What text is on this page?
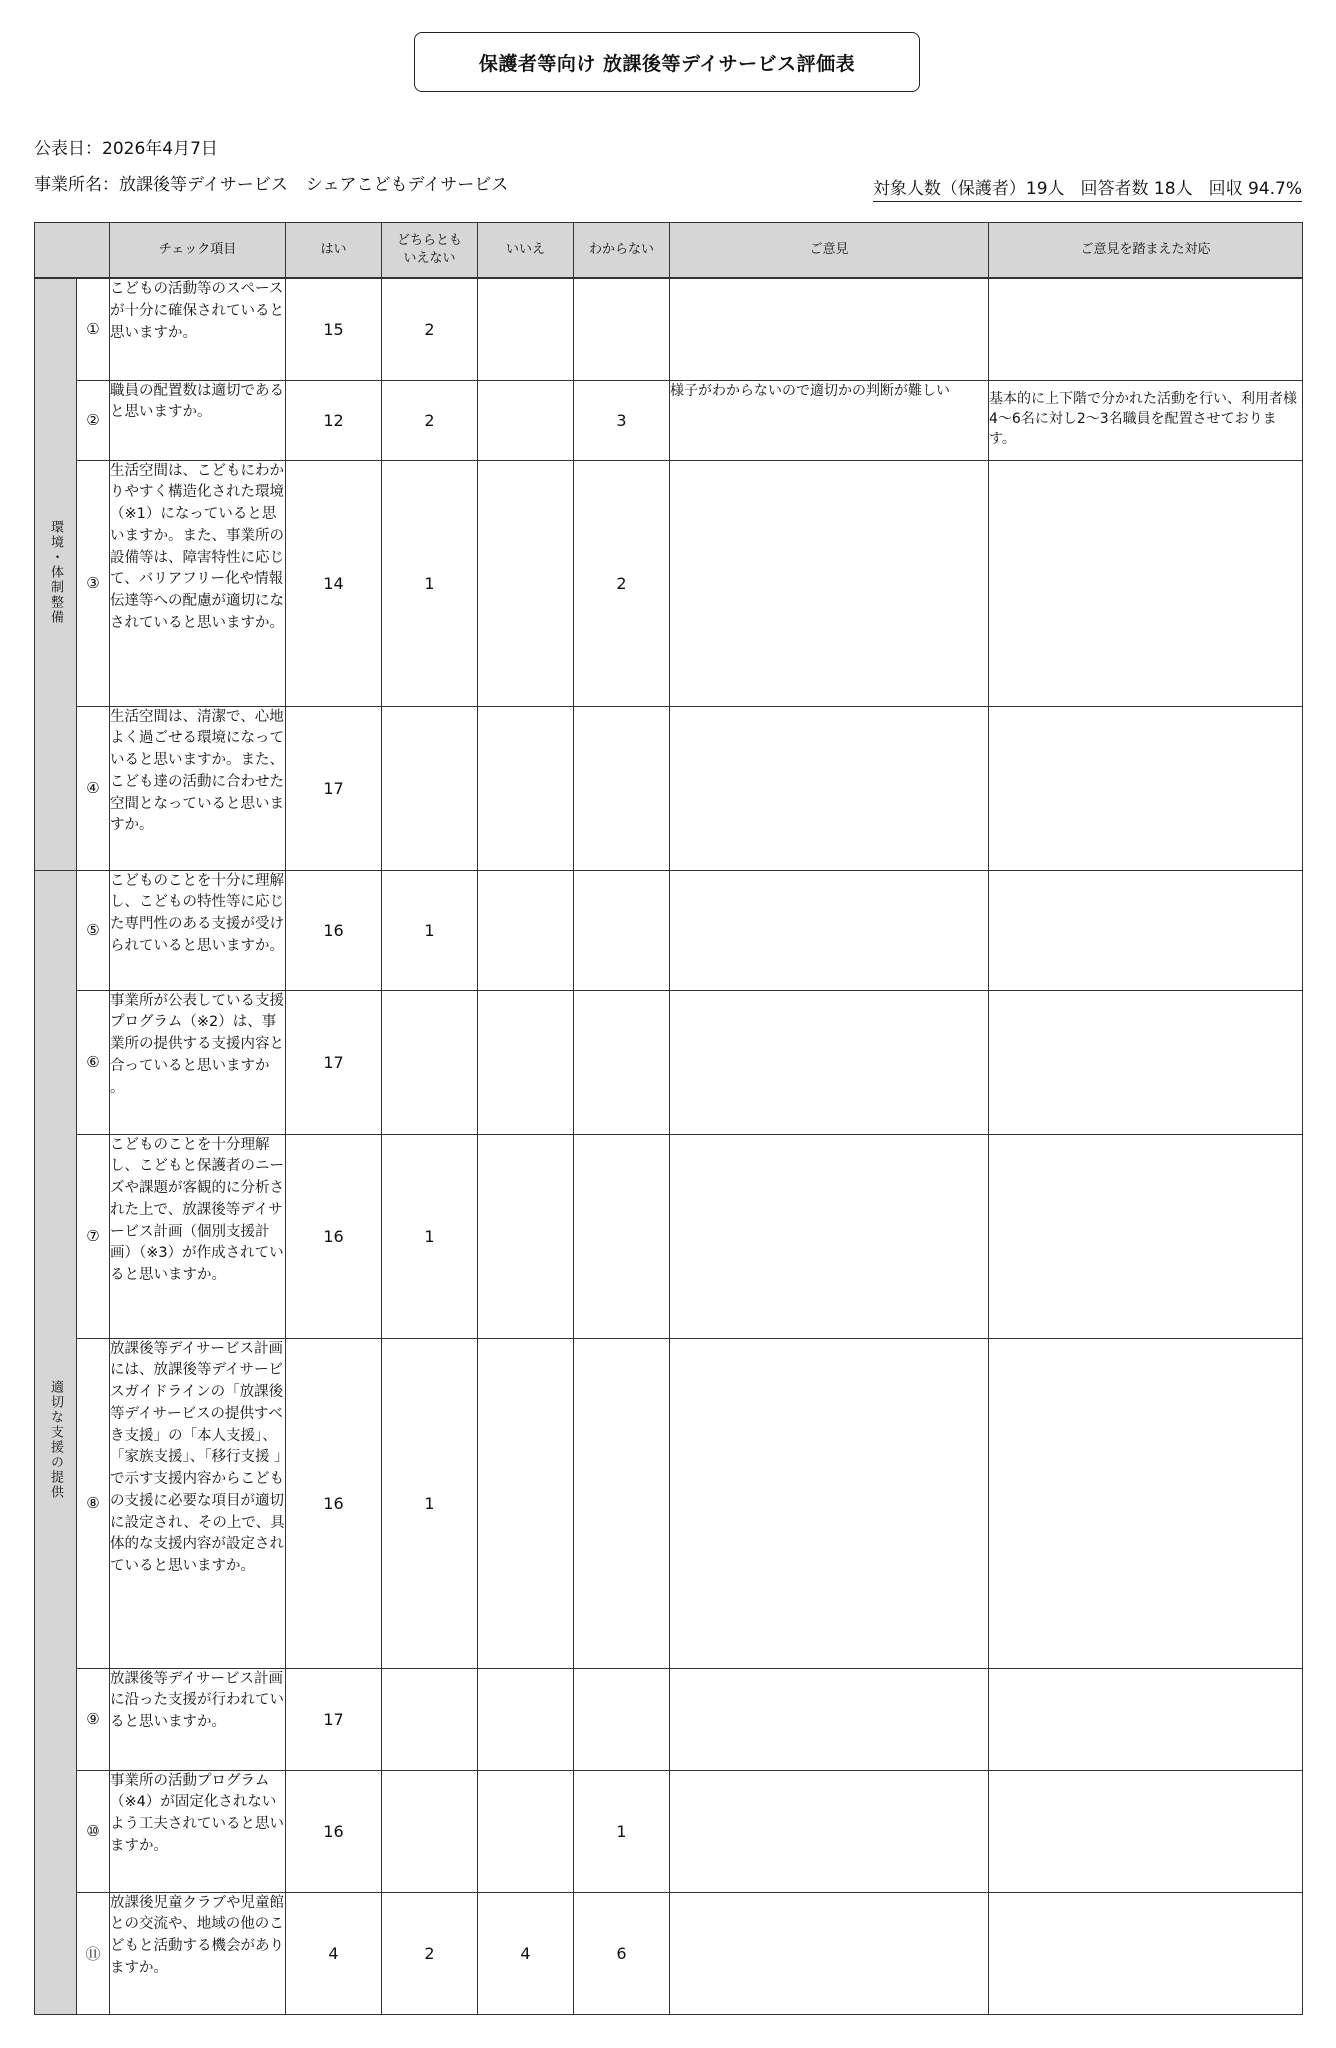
保護者等向け 放課後等デイサービス評価表
公表日：2026年4月7日
事業所名：放課後等デイサービス シェアこどもデイサービス	対象人数（保護者）19人 回答者数 18人 回収 94.7%
		チェック項目	はい	どちらとも いえない	いいえ	わからない	ご意見	ご意見を踏まえた対応
環境・体制整備	①	こどもの活動等のスペースが十分に確保されていると思いますか。	15	2				
	②	職員の配置数は適切であると思いますか。	12	2		3	様子がわからないので適切かの判断が難しい	基本的に上下階で分かれた活動を行い、利用者様4～6名に対し2～3名職員を配置させております。
	③	生活空間は、こどもにわかりやすく構造化された環境（※1）になっていると思いますか。また、事業所の設備等は、障害特性に応じて、バリアフリー化や情報伝達等への配慮が適切になされていると思いますか。	14	1		2		
	④	生活空間は、清潔で、心地よく過ごせる環境になっていると思いますか。また、こども達の活動に合わせた空間となっていると思いますか。	17					
適切な支援の提供	⑤	こどものことを十分に理解し、こどもの特性等に応じた専門性のある支援が受けられていると思いますか。	16	1				
	⑥	事業所が公表している支援プログラム（※2）は、事業所の提供する支援内容と合っていると思いますか 。	17					
	⑦	こどものことを十分理解し、こどもと保護者のニーズや課題が客観的に分析された上で、放課後等デイサービス計画（個別支援計画）（※3）が作成されていると思いますか。	16	1				
	⑧	放課後等デイサービス計画には、放課後等デイサービスガイドラインの「放課後等デイサービスの提供すべき支援」の「本人支援」、「家族支援」、「移行支援 」で示す支援内容からこどもの支援に必要な項目が適切に設定され、その上で、具体的な支援内容が設定されていると思いますか。	16	1				
	⑨	放課後等デイサービス計画に沿った支援が行われていると思いますか。	17					
	⑩	事業所の活動プログラム（※4）が固定化されないよう工夫されていると思いますか。	16			1		
	⑪	放課後児童クラブや児童館との交流や、地域の他のこどもと活動する機会がありますか。	4	2	4	6		
